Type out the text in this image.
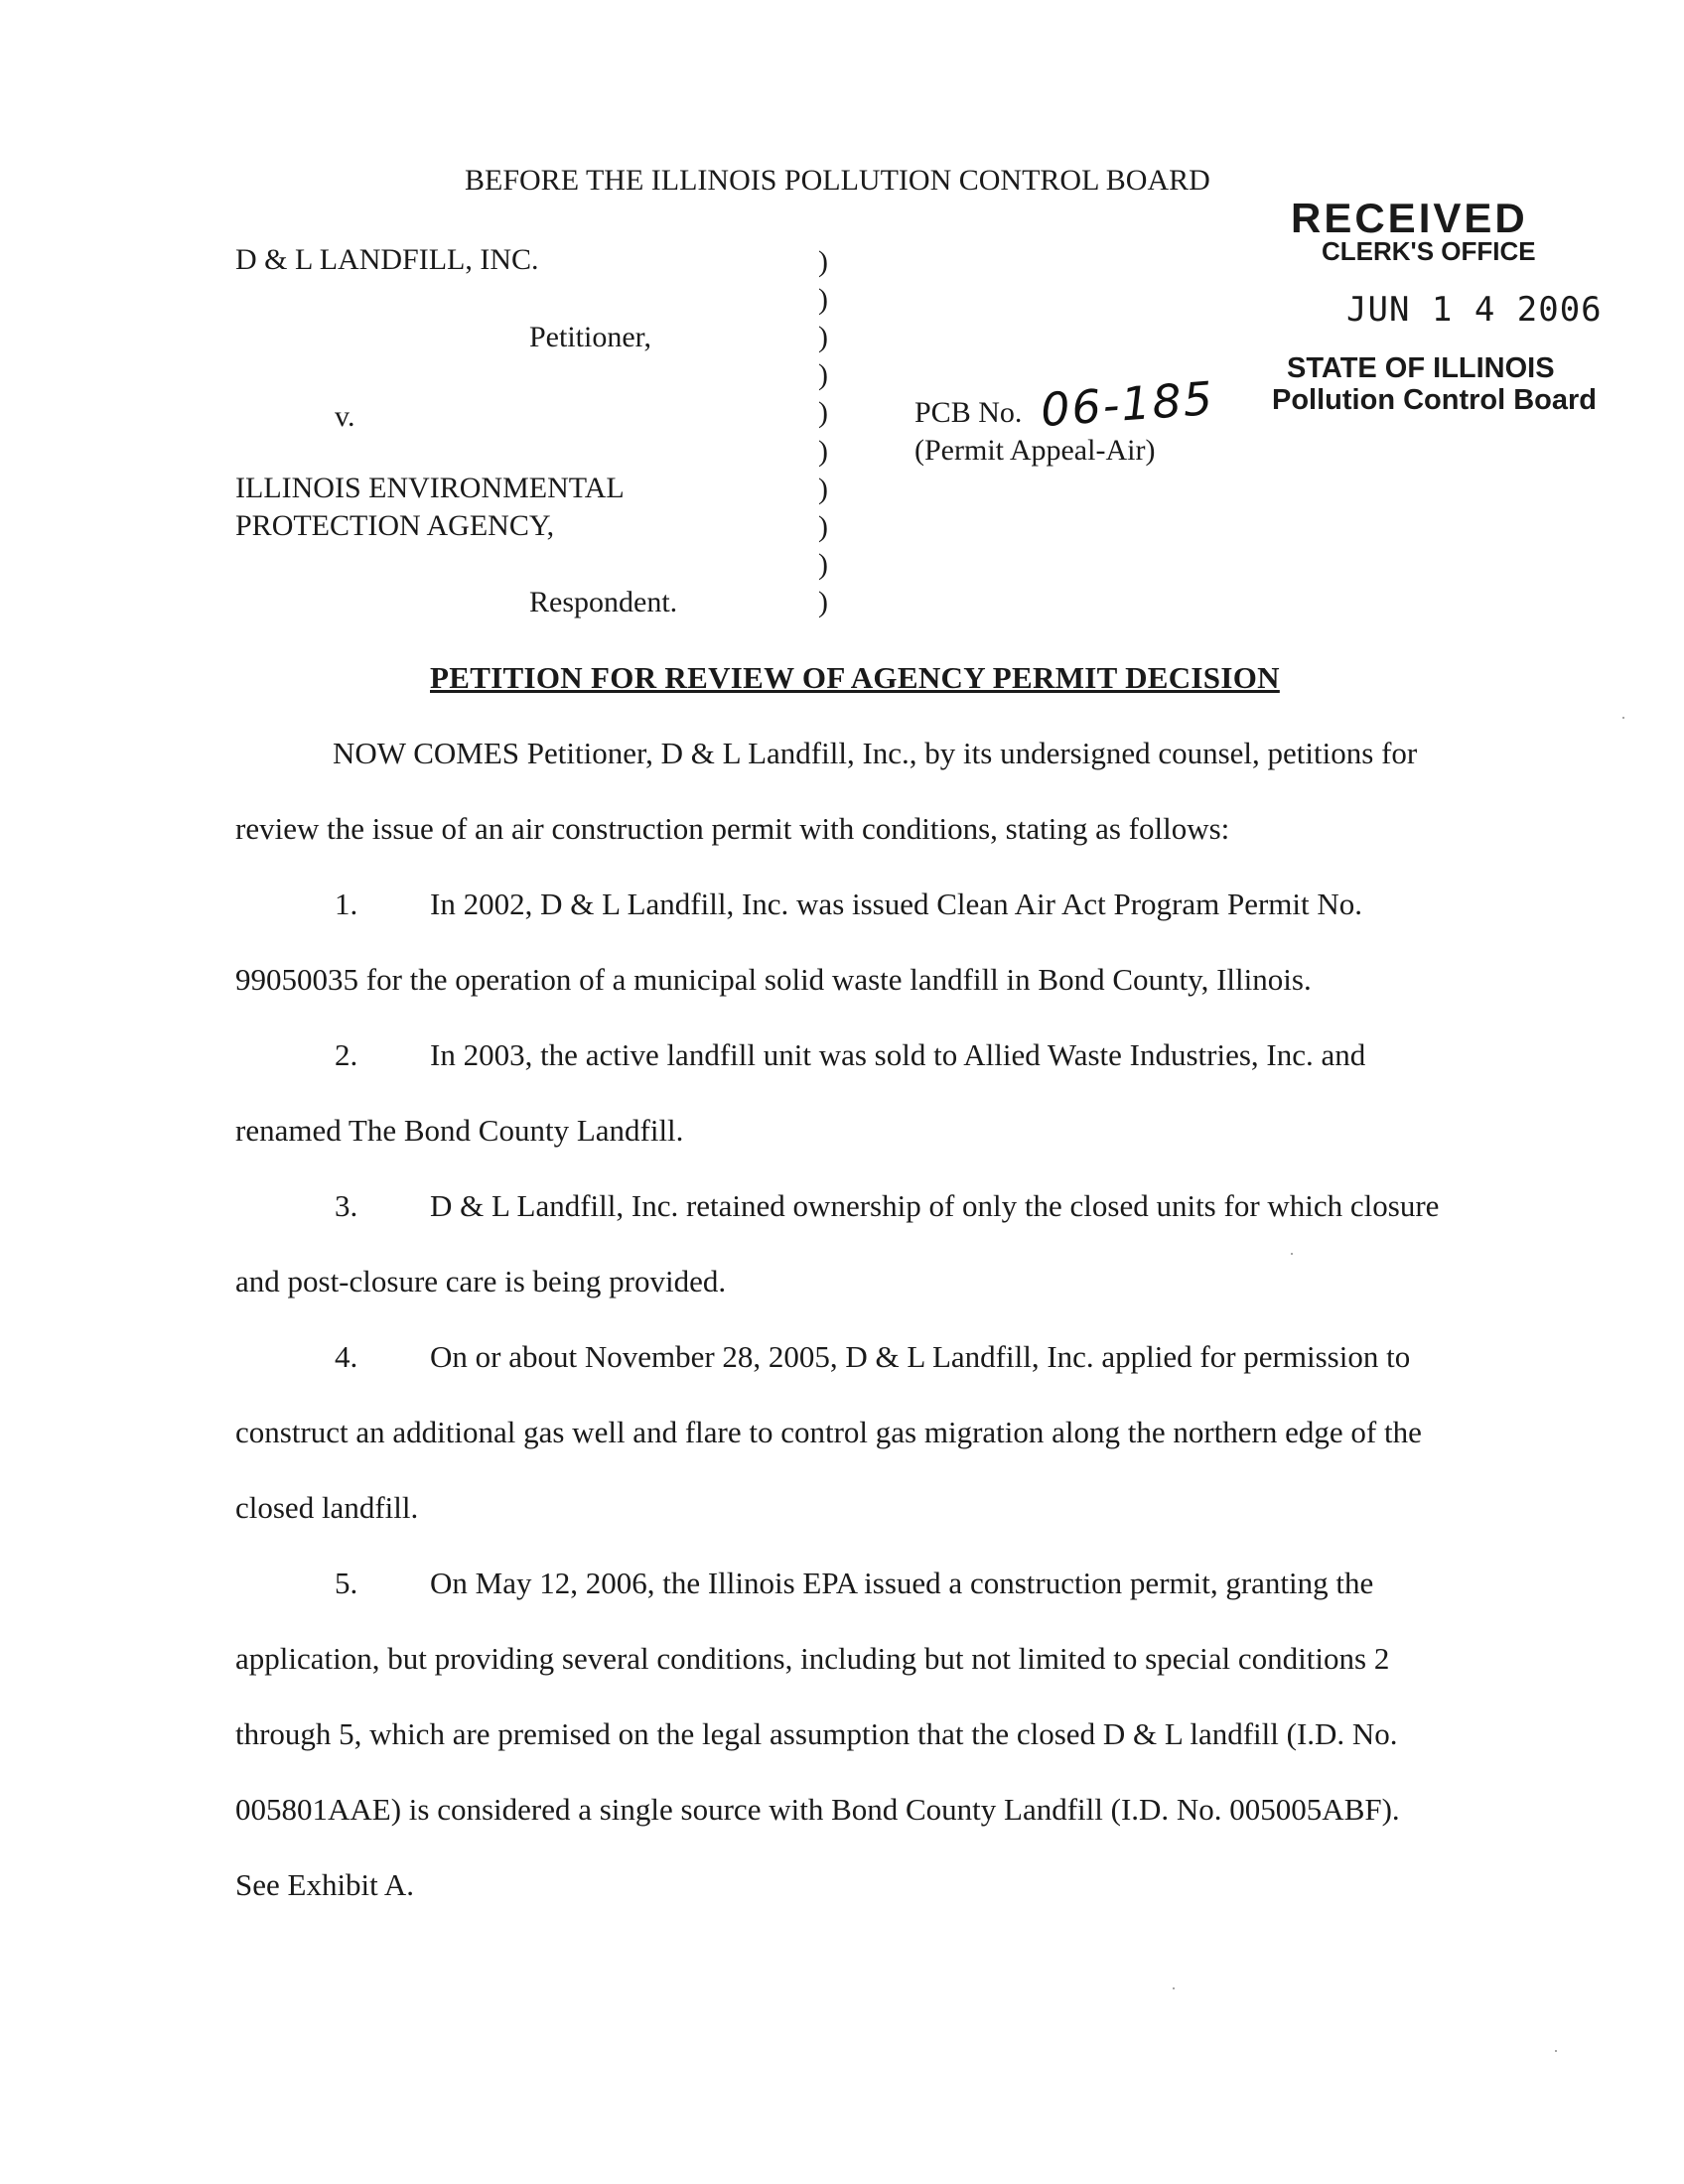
BEFORE THE ILLINOIS POLLUTION CONTROL BOARD
RECEIVED
CLERK'S OFFICE
JUN 1 4 2006
STATE OF ILLINOIS
Pollution Control Board
D & L LANDFILL, INC.
Petitioner,
v.
ILLINOIS ENVIRONMENTAL
PROTECTION AGENCY,
Respondent.
)
)
)
)
)
)
)
)
)
)
PCB No. 06-185
(Permit Appeal-Air)
PETITION FOR REVIEW OF AGENCY PERMIT DECISION
NOW COMES Petitioner, D & L Landfill, Inc., by its undersigned counsel, petitions for
review the issue of an air construction permit with conditions, stating as follows:
1. In 2002, D & L Landfill, Inc. was issued Clean Air Act Program Permit No.
99050035 for the operation of a municipal solid waste landfill in Bond County, Illinois.
2. In 2003, the active landfill unit was sold to Allied Waste Industries, Inc. and
renamed The Bond County Landfill.
3. D & L Landfill, Inc. retained ownership of only the closed units for which closure
and post-closure care is being provided.
4. On or about November 28, 2005, D & L Landfill, Inc. applied for permission to
construct an additional gas well and flare to control gas migration along the northern edge of the
closed landfill.
5. On May 12, 2006, the Illinois EPA issued a construction permit, granting the
application, but providing several conditions, including but not limited to special conditions 2
through 5, which are premised on the legal assumption that the closed D & L landfill (I.D. No.
005801AAE) is considered a single source with Bond County Landfill (I.D. No. 005005ABF).
See Exhibit A.
